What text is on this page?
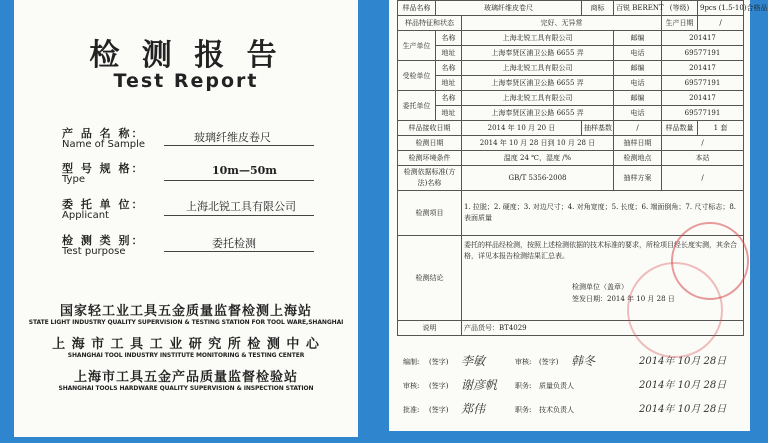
检 测 报 告
Test Report
产 品 名 称：
Name of Sample
玻璃纤维皮卷尺
型 号 规 格：
Type
10m—50m
委 托 单 位：
Applicant
上海北锐工具有限公司
检 测 类 别：
Test purpose
委托检测
国家轻工业工具五金质量监督检测上海站
STATE LIGHT INDUSTRY QUALITY SUPERVISION & TESTING STATION FOR TOOL WARE,SHANGHAI
上 海 市 工 具 工 业 研 究 所 检 测 中 心
SHANGHAI TOOL INDUSTRY INSTITUTE MONITORING & TESTING CENTER
上海市工具五金产品质量监督检验站
SHANGHAI TOOLS HARDWARE QUALITY SUPERVISION & INSPECTION STATION
样品名称	玻璃纤维皮卷尺		商标	百锐 BERENT	(等级)	9pcs (1.5-10)合格品
样品特征和状态		完好、无异常			生产日期	/
生产单位	名称	上海北锐工具有限公司		邮编	201417	
	地址	上海奉贤区浦卫公路 6655 弄		电话	69577191	
受检单位	名称	上海北锐工具有限公司		邮编	201417	
	地址	上海奉贤区浦卫公路 6655 弄		电话	69577191	
委托单位	名称	上海北锐工具有限公司		邮编	201417	
	地址	上海奉贤区浦卫公路 6655 弄		电话	69577191	
样品接收日期		2014 年 10 月 20 日	抽样基数	/	样品数量	1 套
检测日期		2014 年 10 月 28 日到 10 月 28 日		抽样日期	/	
检测环境条件		温度 24 ℃，湿度 /%		检测地点	本站	
检测依据标准(方法)名称		GB/T 5356-2008		抽样方案	/	
检测项目		1. 拉脱；2. 硬度；3. 对边尺寸；4. 对角宽度；5. 长度；6. 端面倒角；7. 尺寸标志；8. 表面质量				
检测结论		委托的样品经检测，按照上述检测依据的技术标准的要求，所检项目经长度实测，其余合格，详见本报告检测结果汇总表。
检测单位（盖章）
签发日期：2014 年 10 月 28 日				

说明		产品货号：BT4029				
编制: (签字) 李敏	审核: (签字) 韩冬	2014年 10月 28日
审核: (签字) 谢彦帆	职务: 质量负责人	2014年 10月 28日
批准: (签字) 郑伟	职务: 技术负责人	2014年 10月 28日
